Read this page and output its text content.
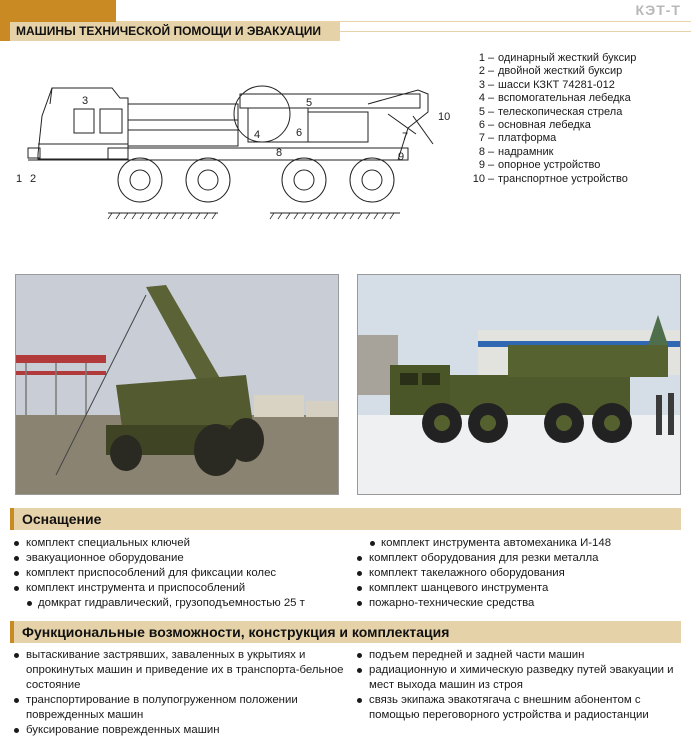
КЭТ-Т
МАШИНЫ ТЕХНИЧЕСКОЙ ПОМОЩИ И ЭВАКУАЦИИ
1 2
3
4
5
6	7
8	9
10
1 – одинарный жесткий буксир
2 – двойной жесткий буксир
3 – шасси КЗКТ 74281-012
4 – вспомогательная лебедка
5 – телескопическая стрела
6 – основная лебедка
7 – платформа
8 – надрамник
9 – опорное устройство
10 – транспортное устройство
Оснащение
комплект специальных ключей
эвакуационное оборудование
комплект приспособлений для фиксации колес
комплект инструмента и приспособлений
домкрат гидравлический, грузоподъемностью 25 т
комплект инструмента автомеханика И-148
комплект оборудования для резки металла
комплект такелажного оборудования
комплект шанцевого инструмента
пожарно-технические средства
Функциональные возможности, конструкция и комплектация
вытаскивание застрявших, заваленных в укрытиях и опрокинутых машин и приведение их в транспорта-бельное состояние
транспортирование в полупогруженном положении поврежденных машин
буксирование поврежденных машин
подъем передней и задней части машин
радиационную и химическую разведку путей эвакуации и мест выхода машин из строя
связь экипажа эвакотягача с внешним абонентом с помощью переговорного устройства и радиостанции
